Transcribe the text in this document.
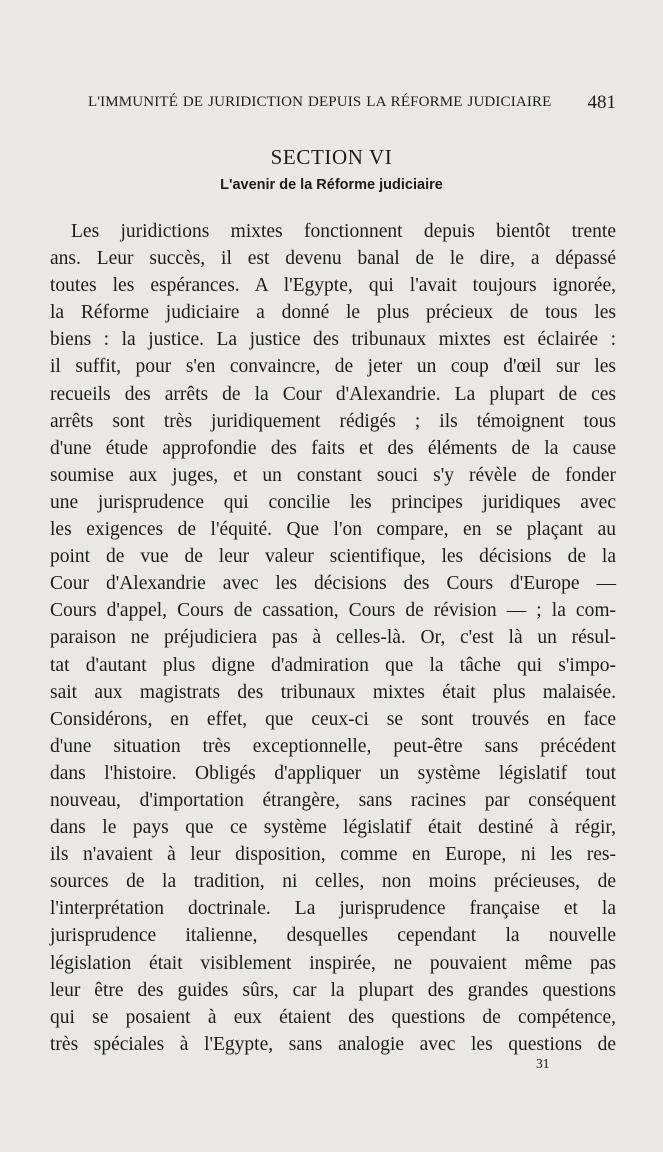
L'IMMUNITÉ DE JURIDICTION DEPUIS LA RÉFORME JUDICIAIRE 481
SECTION VI
L'avenir de la Réforme judiciaire
Les juridictions mixtes fonctionnent depuis bientôt trente
ans. Leur succès, il est devenu banal de le dire, a dépassé
toutes les espérances. A l'Egypte, qui l'avait toujours ignorée,
la Réforme judiciaire a donné le plus précieux de tous les
biens : la justice. La justice des tribunaux mixtes est éclairée :
il suffit, pour s'en convaincre, de jeter un coup d'œil sur les
recueils des arrêts de la Cour d'Alexandrie. La plupart de ces
arrêts sont très juridiquement rédigés ; ils témoignent tous
d'une étude approfondie des faits et des éléments de la cause
soumise aux juges, et un constant souci s'y révèle de fonder
une jurisprudence qui concilie les principes juridiques avec
les exigences de l'équité. Que l'on compare, en se plaçant au
point de vue de leur valeur scientifique, les décisions de la
Cour d'Alexandrie avec les décisions des Cours d'Europe —
Cours d'appel, Cours de cassation, Cours de révision — ; la com-
paraison ne préjudiciera pas à celles-là. Or, c'est là un résul-
tat d'autant plus digne d'admiration que la tâche qui s'impo-
sait aux magistrats des tribunaux mixtes était plus malaisée.
Considérons, en effet, que ceux-ci se sont trouvés en face
d'une situation très exceptionnelle, peut-être sans précédent
dans l'histoire. Obligés d'appliquer un système législatif tout
nouveau, d'importation étrangère, sans racines par conséquent
dans le pays que ce système législatif était destiné à régir,
ils n'avaient à leur disposition, comme en Europe, ni les res-
sources de la tradition, ni celles, non moins précieuses, de
l'interprétation doctrinale. La jurisprudence française et la
jurisprudence italienne, desquelles cependant la nouvelle
législation était visiblement inspirée, ne pouvaient même pas
leur être des guides sûrs, car la plupart des grandes questions
qui se posaient à eux étaient des questions de compétence,
très spéciales à l'Egypte, sans analogie avec les questions de
31
